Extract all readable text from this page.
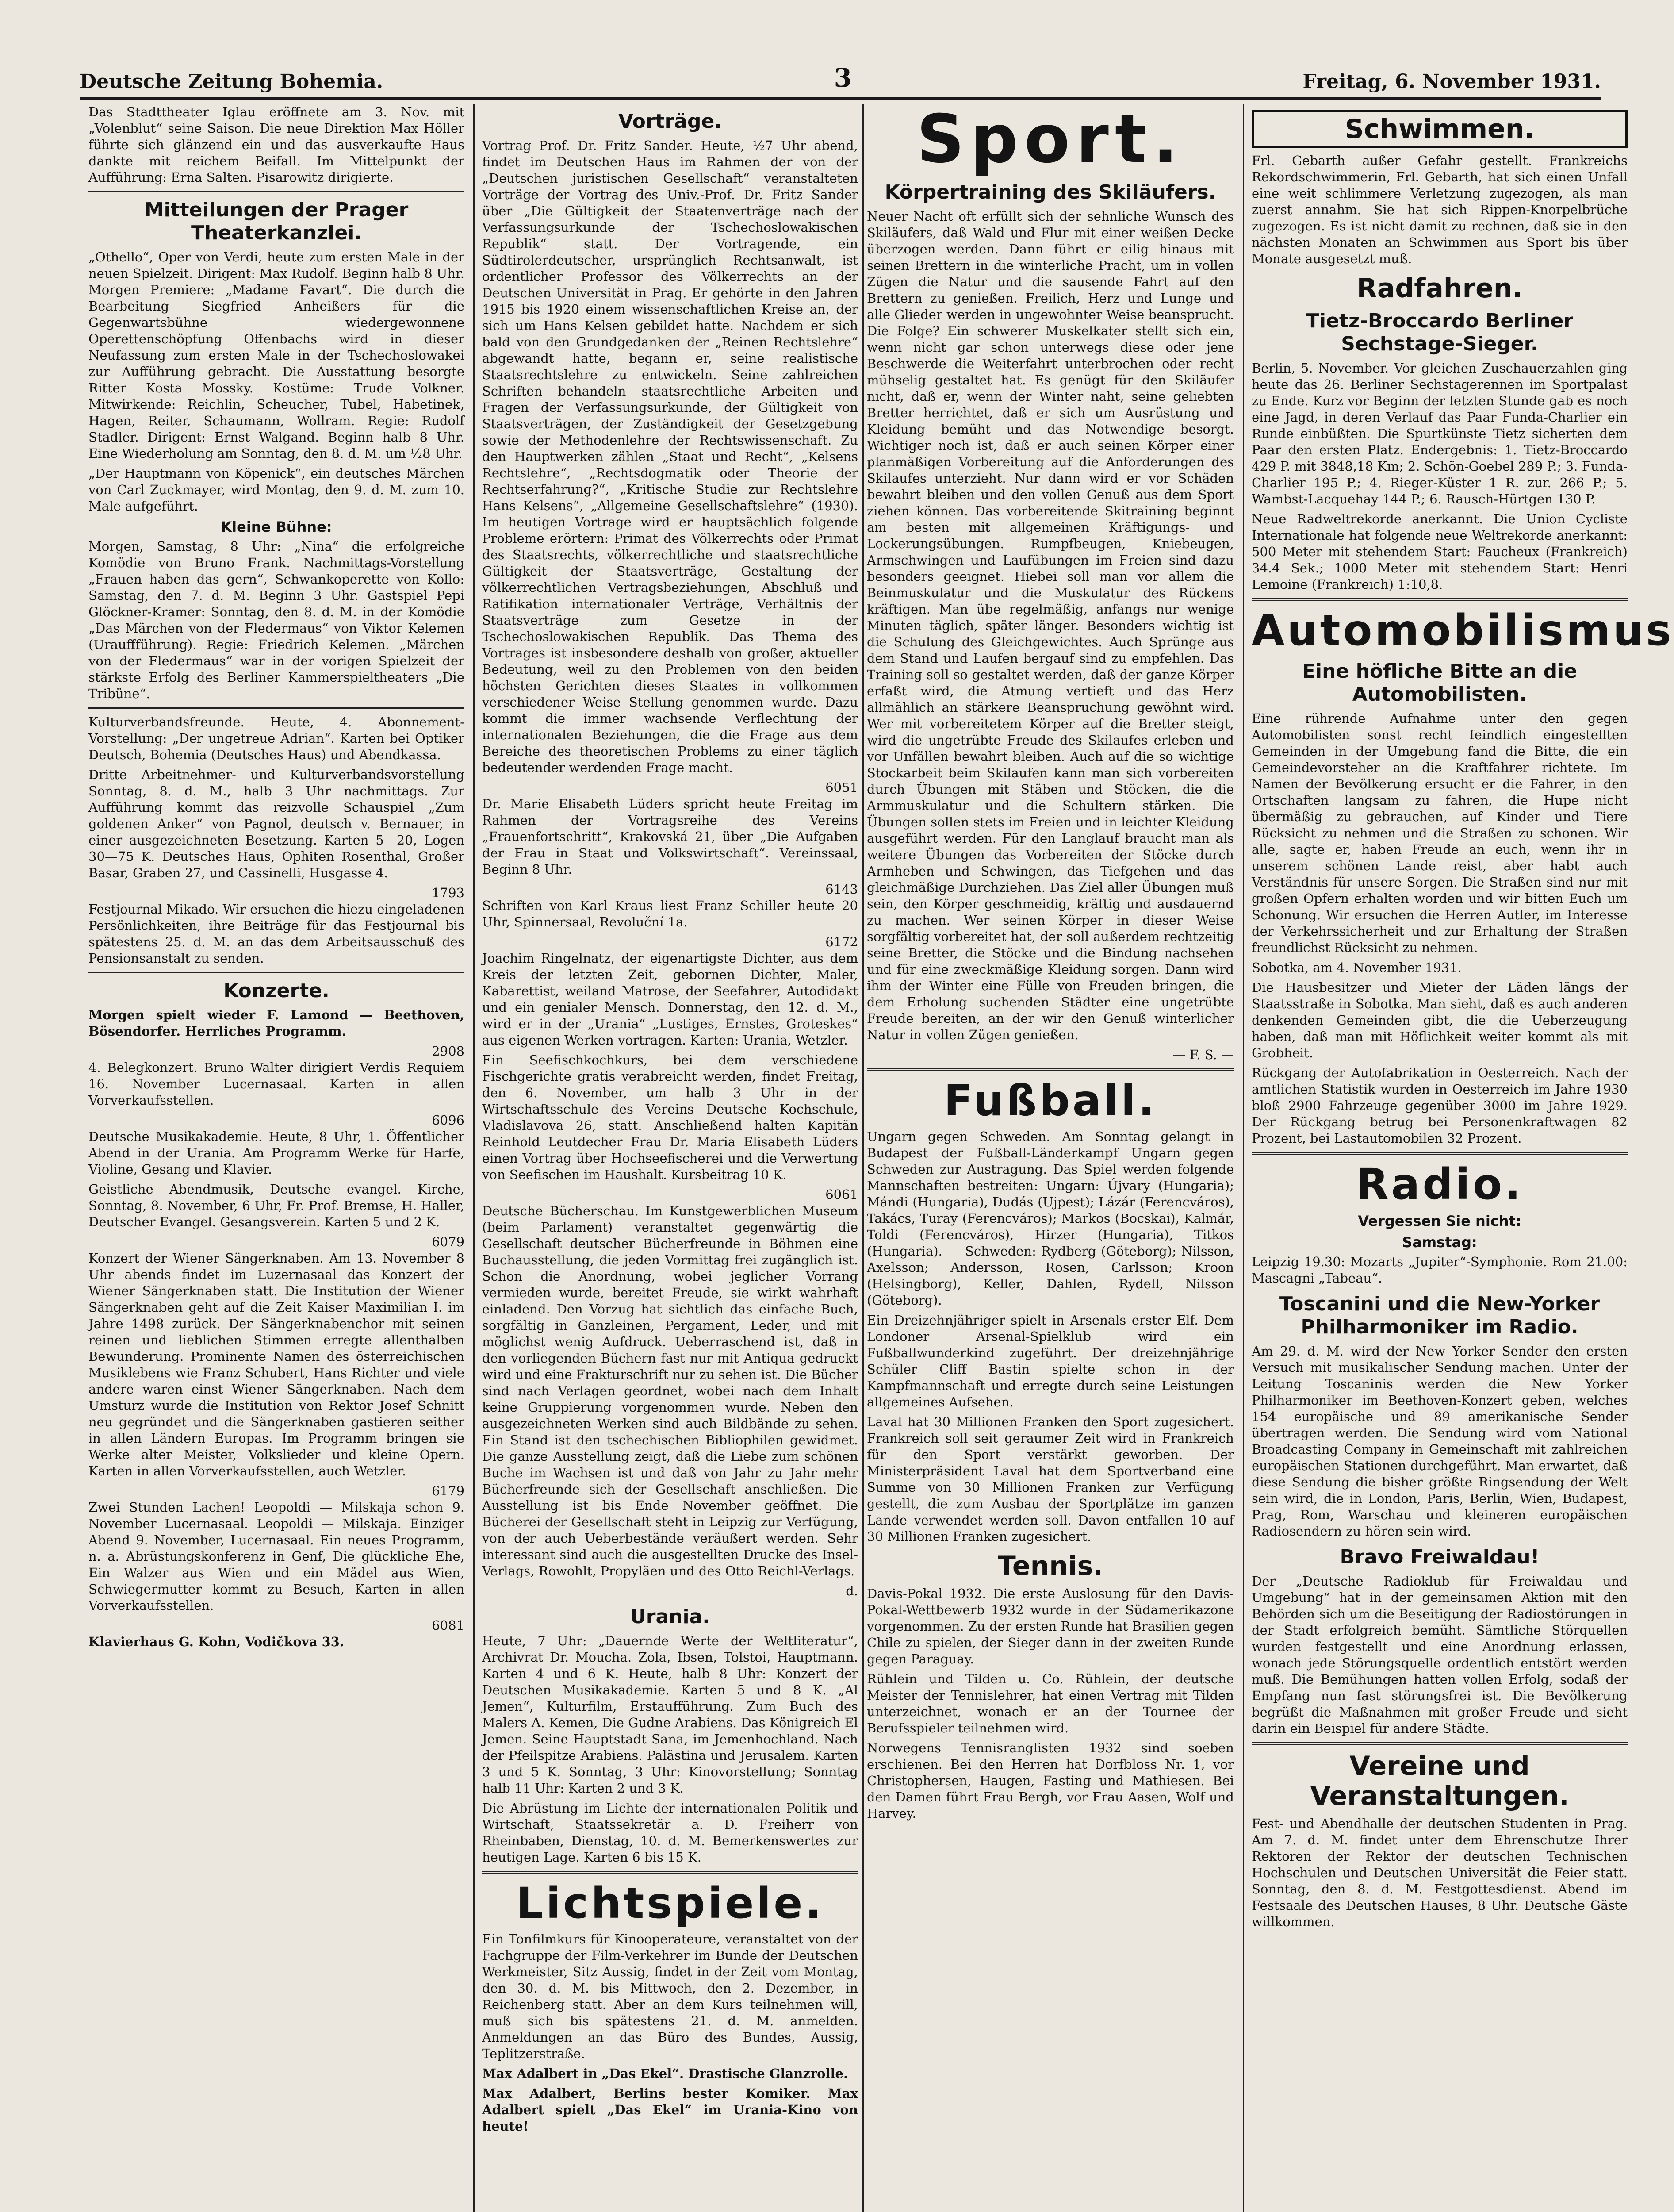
Deutsche Zeitung Bohemia.	3	Freitag, 6. November 1931.

Das Stadttheater Iglau eröffnete am 3. Nov. mit „Volenblut“ seine Saison. Die neue Direktion Max Höller führte sich glänzend ein und das ausverkaufte Haus dankte mit reichem Beifall. Im Mittelpunkt der Aufführung: Erna Salten. Pisarowitz dirigierte.

Mitteilungen der Prager Theaterkanzlei.

„Othello“, Oper von Verdi, heute zum ersten Male in der neuen Spielzeit. Dirigent: Max Rudolf. Beginn halb 8 Uhr. Morgen Premiere: „Madame Favart“. Die durch die Bearbeitung Siegfried Anheißers für die Gegenwartsbühne wiedergewonnene Operettenschöpfung Offenbachs wird in dieser Neufassung zum ersten Male in der Tschechoslowakei zur Aufführung gebracht. Die Ausstattung besorgte Ritter Kosta Mossky. Kostüme: Trude Volkner. Mitwirkende: Reichlin, Scheucher, Tubel, Habetinek, Hagen, Reiter, Schaumann, Wollram. Regie: Rudolf Stadler. Dirigent: Ernst Walgand. Beginn halb 8 Uhr. Eine Wiederholung am Sonntag, den 8. d. M. um ½8 Uhr.

„Der Hauptmann von Köpenick“, ein deutsches Märchen von Carl Zuckmayer, wird Montag, den 9. d. M. zum 10. Male aufgeführt.

Kleine Bühne:

Morgen, Samstag, 8 Uhr: „Nina“ die erfolgreiche Komödie von Bruno Frank. Nachmittags-Vorstellung „Frauen haben das gern“, Schwankoperette von Kollo: Samstag, den 7. d. M. Beginn 3 Uhr. Gastspiel Pepi Glöckner-Kramer: Sonntag, den 8. d. M. in der Komödie „Das Märchen von der Fledermaus“ von Viktor Kelemen (Urauffführung). Regie: Friedrich Kelemen. „Märchen von der Fledermaus“ war in der vorigen Spielzeit der stärkste Erfolg des Berliner Kammerspieltheaters „Die Tribüne“.

Kulturverbandsfreunde. Heute, 4. Abonnement-Vorstellung: „Der ungetreue Adrian“. Karten bei Optiker Deutsch, Bohemia (Deutsches Haus) und Abendkassa.

Dritte Arbeitnehmer- und Kulturverbandsvorstellung Sonntag, 8. d. M., halb 3 Uhr nachmittags. Zur Aufführung kommt das reizvolle Schauspiel „Zum goldenen Anker“ von Pagnol, deutsch v. Bernauer, in einer ausgezeichneten Besetzung. Karten 5—20, Logen 30—75 K. Deutsches Haus, Ophiten Rosenthal, Großer Basar, Graben 27, und Cassinelli, Husgasse 4.

1793

Festjournal Mikado. Wir ersuchen die hiezu eingeladenen Persönlichkeiten, ihre Beiträge für das Festjournal bis spätestens 25. d. M. an das dem Arbeitsausschuß des Pensionsanstalt zu senden.

Konzerte.

Morgen spielt wieder F. Lamond — Beethoven, Bösendorfer. Herrliches Programm.

2908

4. Belegkonzert. Bruno Walter dirigiert Verdis Requiem 16. November Lucernasaal. Karten in allen Vorverkaufsstellen.

6096

Deutsche Musikakademie. Heute, 8 Uhr, 1. Öffentlicher Abend in der Urania. Am Programm Werke für Harfe, Violine, Gesang und Klavier.

Geistliche Abendmusik, Deutsche evangel. Kirche, Sonntag, 8. November, 6 Uhr, Fr. Prof. Bremse, H. Haller, Deutscher Evangel. Gesangsverein. Karten 5 und 2 K.

6079

Konzert der Wiener Sängerknaben. Am 13. November 8 Uhr abends findet im Luzernasaal das Konzert der Wiener Sängerknaben statt. Die Institution der Wiener Sängerknaben geht auf die Zeit Kaiser Maximilian I. im Jahre 1498 zurück. Der Sängerknabenchor mit seinen reinen und lieblichen Stimmen erregte allenthalben Bewunderung. Prominente Namen des österreichischen Musiklebens wie Franz Schubert, Hans Richter und viele andere waren einst Wiener Sängerknaben. Nach dem Umsturz wurde die Institution von Rektor Josef Schnitt neu gegründet und die Sängerknaben gastieren seither in allen Ländern Europas. Im Programm bringen sie Werke alter Meister, Volkslieder und kleine Opern. Karten in allen Vorverkaufsstellen, auch Wetzler.

6179

Zwei Stunden Lachen! Leopoldi — Milskaja schon 9. November Lucernasaal. Leopoldi — Milskaja. Einziger Abend 9. November, Lucernasaal. Ein neues Programm, n. a. Abrüstungskonferenz in Genf, Die glückliche Ehe, Ein Walzer aus Wien und ein Mädel aus Wien, Schwiegermutter kommt zu Besuch, Karten in allen Vorverkaufsstellen.

6081

Klavierhaus G. Kohn, Vodičkova 33.

Vorträge.

Vortrag Prof. Dr. Fritz Sander. Heute, ½7 Uhr abend, findet im Deutschen Haus im Rahmen der von der „Deutschen juristischen Gesellschaft“ veranstalteten Vorträge der Vortrag des Univ.-Prof. Dr. Fritz Sander über „Die Gültigkeit der Staatenverträge nach der Verfassungsurkunde der Tschechoslowakischen Republik“ statt. Der Vortragende, ein Südtirolerdeutscher, ursprünglich Rechtsanwalt, ist ordentlicher Professor des Völkerrechts an der Deutschen Universität in Prag. Er gehörte in den Jahren 1915 bis 1920 einem wissenschaftlichen Kreise an, der sich um Hans Kelsen gebildet hatte. Nachdem er sich bald von den Grundgedanken der „Reinen Rechtslehre“ abgewandt hatte, begann er, seine realistische Staatsrechtslehre zu entwickeln. Seine zahlreichen Schriften behandeln staatsrechtliche Arbeiten und Fragen der Verfassungsurkunde, der Gültigkeit von Staatsverträgen, der Zuständigkeit der Gesetzgebung sowie der Methodenlehre der Rechtswissenschaft. Zu den Hauptwerken zählen „Staat und Recht“, „Kelsens Rechtslehre“, „Rechtsdogmatik oder Theorie der Rechtserfahrung?“, „Kritische Studie zur Rechtslehre Hans Kelsens“, „Allgemeine Gesellschaftslehre“ (1930). Im heutigen Vortrage wird er hauptsächlich folgende Probleme erörtern: Primat des Völkerrechts oder Primat des Staatsrechts, völkerrechtliche und staatsrechtliche Gültigkeit der Staatsverträge, Gestaltung der völkerrechtlichen Vertragsbeziehungen, Abschluß und Ratifikation internationaler Verträge, Verhältnis der Staatsverträge zum Gesetze in der Tschechoslowakischen Republik. Das Thema des Vortrages ist insbesondere deshalb von großer, aktueller Bedeutung, weil zu den Problemen von den beiden höchsten Gerichten dieses Staates in vollkommen verschiedener Weise Stellung genommen wurde. Dazu kommt die immer wachsende Verflechtung der internationalen Beziehungen, die die Frage aus dem Bereiche des theoretischen Problems zu einer täglich bedeutender werdenden Frage macht.

6051

Dr. Marie Elisabeth Lüders spricht heute Freitag im Rahmen der Vortragsreihe des Vereins „Frauenfortschritt“, Krakovská 21, über „Die Aufgaben der Frau in Staat und Volkswirtschaft“. Vereinssaal, Beginn 8 Uhr.

6143

Schriften von Karl Kraus liest Franz Schiller heute 20 Uhr, Spinnersaal, Revoluční 1a.

6172

Joachim Ringelnatz, der eigenartigste Dichter, aus dem Kreis der letzten Zeit, gebornen Dichter, Maler, Kabarettist, weiland Matrose, der Seefahrer, Autodidakt und ein genialer Mensch. Donnerstag, den 12. d. M., wird er in der „Urania“ „Lustiges, Ernstes, Groteskes“ aus eigenen Werken vortragen. Karten: Urania, Wetzler.

Ein Seefischkochkurs, bei dem verschiedene Fischgerichte gratis verabreicht werden, findet Freitag, den 6. November, um halb 3 Uhr in der Wirtschaftsschule des Vereins Deutsche Kochschule, Vladislavova 26, statt. Anschließend halten Kapitän Reinhold Leutdecher Frau Dr. Maria Elisabeth Lüders einen Vortrag über Hochseefischerei und die Verwertung von Seefischen im Haushalt. Kursbeitrag 10 K.

6061

Deutsche Bücherschau. Im Kunstgewerblichen Museum (beim Parlament) veranstaltet gegenwärtig die Gesellschaft deutscher Bücherfreunde in Böhmen eine Buchausstellung, die jeden Vormittag frei zugänglich ist. Schon die Anordnung, wobei jeglicher Vorrang vermieden wurde, bereitet Freude, sie wirkt wahrhaft einladend. Den Vorzug hat sichtlich das einfache Buch, sorgfältig in Ganzleinen, Pergament, Leder, und mit möglichst wenig Aufdruck. Ueberraschend ist, daß in den vorliegenden Büchern fast nur mit Antiqua gedruckt wird und eine Frakturschrift nur zu sehen ist. Die Bücher sind nach Verlagen geordnet, wobei nach dem Inhalt keine Gruppierung vorgenommen wurde. Neben den ausgezeichneten Werken sind auch Bildbände zu sehen. Ein Stand ist den tschechischen Bibliophilen gewidmet. Die ganze Ausstellung zeigt, daß die Liebe zum schönen Buche im Wachsen ist und daß von Jahr zu Jahr mehr Bücherfreunde sich der Gesellschaft anschließen. Die Ausstellung ist bis Ende November geöffnet. Die Bücherei der Gesellschaft steht in Leipzig zur Verfügung, von der auch Ueberbestände veräußert werden. Sehr interessant sind auch die ausgestellten Drucke des Insel-Verlags, Rowohlt, Propyläen und des Otto Reichl-Verlags.

d.
Urania.

Heute, 7 Uhr: „Dauernde Werte der Weltliteratur“, Archivrat Dr. Moucha. Zola, Ibsen, Tolstoi, Hauptmann. Karten 4 und 6 K. Heute, halb 8 Uhr: Konzert der Deutschen Musikakademie. Karten 5 und 8 K. „Al Jemen“, Kulturfilm, Erstaufführung. Zum Buch des Malers A. Kemen, Die Gudne Arabiens. Das Königreich El Jemen. Seine Hauptstadt Sana, im Jemenhochland. Nach der Pfeilspitze Arabiens. Palästina und Jerusalem. Karten 3 und 5 K. Sonntag, 3 Uhr: Kinovorstellung; Sonntag halb 11 Uhr: Karten 2 und 3 K.

Die Abrüstung im Lichte der internationalen Politik und Wirtschaft, Staatssekretär a. D. Freiherr von Rheinbaben, Dienstag, 10. d. M. Bemerkenswertes zur heutigen Lage. Karten 6 bis 15 K.

Lichtspiele.

Ein Tonfilmkurs für Kinooperateure, veranstaltet von der Fachgruppe der Film-Verkehrer im Bunde der Deutschen Werkmeister, Sitz Aussig, findet in der Zeit vom Montag, den 30. d. M. bis Mittwoch, den 2. Dezember, in Reichenberg statt. Aber an dem Kurs teilnehmen will, muß sich bis spätestens 21. d. M. anmelden. Anmeldungen an das Büro des Bundes, Aussig, Teplitzerstraße.

Max Adalbert in „Das Ekel“. Drastische Glanzrolle.

Max Adalbert, Berlins bester Komiker. Max Adalbert spielt „Das Ekel“ im Urania-Kino von heute!

Sport.
Körpertraining des Skiläufers.

Neuer Nacht oft erfüllt sich der sehnliche Wunsch des Skiläufers, daß Wald und Flur mit einer weißen Decke überzogen werden. Dann führt er eilig hinaus mit seinen Brettern in die winterliche Pracht, um in vollen Zügen die Natur und die sausende Fahrt auf den Brettern zu genießen. Freilich, Herz und Lunge und alle Glieder werden in ungewohnter Weise beansprucht. Die Folge? Ein schwerer Muskelkater stellt sich ein, wenn nicht gar schon unterwegs diese oder jene Beschwerde die Weiterfahrt unterbrochen oder recht mühselig gestaltet hat. Es genügt für den Skiläufer nicht, daß er, wenn der Winter naht, seine geliebten Bretter herrichtet, daß er sich um Ausrüstung und Kleidung bemüht und das Notwendige besorgt. Wichtiger noch ist, daß er auch seinen Körper einer planmäßigen Vorbereitung auf die Anforderungen des Skilaufes unterzieht. Nur dann wird er vor Schäden bewahrt bleiben und den vollen Genuß aus dem Sport ziehen können. Das vorbereitende Skitraining beginnt am besten mit allgemeinen Kräftigungs- und Lockerungsübungen. Rumpfbeugen, Kniebeugen, Armschwingen und Laufübungen im Freien sind dazu besonders geeignet. Hiebei soll man vor allem die Beinmuskulatur und die Muskulatur des Rückens kräftigen. Man übe regelmäßig, anfangs nur wenige Minuten täglich, später länger. Besonders wichtig ist die Schulung des Gleichgewichtes. Auch Sprünge aus dem Stand und Laufen bergauf sind zu empfehlen. Das Training soll so gestaltet werden, daß der ganze Körper erfaßt wird, die Atmung vertieft und das Herz allmählich an stärkere Beanspruchung gewöhnt wird. Wer mit vorbereitetem Körper auf die Bretter steigt, wird die ungetrübte Freude des Skilaufes erleben und vor Unfällen bewahrt bleiben. Auch auf die so wichtige Stockarbeit beim Skilaufen kann man sich vorbereiten durch Übungen mit Stäben und Stöcken, die die Armmuskulatur und die Schultern stärken. Die Übungen sollen stets im Freien und in leichter Kleidung ausgeführt werden. Für den Langlauf braucht man als weitere Übungen das Vorbereiten der Stöcke durch Armheben und Schwingen, das Tiefgehen und das gleichmäßige Durchziehen. Das Ziel aller Übungen muß sein, den Körper geschmeidig, kräftig und ausdauernd zu machen. Wer seinen Körper in dieser Weise sorgfältig vorbereitet hat, der soll außerdem rechtzeitig seine Bretter, die Stöcke und die Bindung nachsehen und für eine zweckmäßige Kleidung sorgen. Dann wird ihm der Winter eine Fülle von Freuden bringen, die dem Erholung suchenden Städter eine ungetrübte Freude bereiten, an der wir den Genuß winterlicher Natur in vollen Zügen genießen.

— F. S. —
Fußball.

Ungarn gegen Schweden. Am Sonntag gelangt in Budapest der Fußball-Länderkampf Ungarn gegen Schweden zur Austragung. Das Spiel werden folgende Mannschaften bestreiten: Ungarn: Újvary (Hungaria); Mándi (Hungaria), Dudás (Ujpest); Lázár (Ferencváros), Takács, Turay (Ferencváros); Markos (Bocskai), Kalmár, Toldi (Ferencváros), Hirzer (Hungaria), Titkos (Hungaria). — Schweden: Rydberg (Göteborg); Nilsson, Axelsson; Andersson, Rosen, Carlsson; Kroon (Helsingborg), Keller, Dahlen, Rydell, Nilsson (Göteborg).

Ein Dreizehnjähriger spielt in Arsenals erster Elf. Dem Londoner Arsenal-Spielklub wird ein Fußballwunderkind zugeführt. Der dreizehnjährige Schüler Cliff Bastin spielte schon in der Kampfmannschaft und erregte durch seine Leistungen allgemeines Aufsehen.

Laval hat 30 Millionen Franken den Sport zugesichert. Frankreich soll seit geraumer Zeit wird in Frankreich für den Sport verstärkt geworben. Der Ministerpräsident Laval hat dem Sportverband eine Summe von 30 Millionen Franken zur Verfügung gestellt, die zum Ausbau der Sportplätze im ganzen Lande verwendet werden soll. Davon entfallen 10 auf 30 Millionen Franken zugesichert.

Tennis.

Davis-Pokal 1932. Die erste Auslosung für den Davis-Pokal-Wettbewerb 1932 wurde in der Südamerikazone vorgenommen. Zu der ersten Runde hat Brasilien gegen Chile zu spielen, der Sieger dann in der zweiten Runde gegen Paraguay.

Rühlein und Tilden u. Co. Rühlein, der deutsche Meister der Tennislehrer, hat einen Vertrag mit Tilden unterzeichnet, wonach er an der Tournee der Berufsspieler teilnehmen wird.

Norwegens Tennisranglisten 1932 sind soeben erschienen. Bei den Herren hat Dorfbloss Nr. 1, vor Christophersen, Haugen, Fasting und Mathiesen. Bei den Damen führt Frau Bergh, vor Frau Aasen, Wolf und Harvey.

Schwimmen.

Frl. Gebarth außer Gefahr gestellt. Frankreichs Rekordschwimmerin, Frl. Gebarth, hat sich einen Unfall eine weit schlimmere Verletzung zugezogen, als man zuerst annahm. Sie hat sich Rippen-Knorpelbrüche zugezogen. Es ist nicht damit zu rechnen, daß sie in den nächsten Monaten an Schwimmen aus Sport bis über Monate ausgesetzt muß.

Radfahren.
Tietz-Broccardo Berliner Sechstage-Sieger.

Berlin, 5. November. Vor gleichen Zuschauerzahlen ging heute das 26. Berliner Sechstagerennen im Sportpalast zu Ende. Kurz vor Beginn der letzten Stunde gab es noch eine Jagd, in deren Verlauf das Paar Funda-Charlier ein Runde einbüßten. Die Spurtkünste Tietz sicherten dem Paar den ersten Platz. Endergebnis: 1. Tietz-Broccardo 429 P. mit 3848,18 Km; 2. Schön-Goebel 289 P.; 3. Funda-Charlier 195 P.; 4. Rieger-Küster 1 R. zur. 266 P.; 5. Wambst-Lacquehay 144 P.; 6. Rausch-Hürtgen 130 P.

Neue Radweltrekorde anerkannt. Die Union Cycliste Internationale hat folgende neue Weltrekorde anerkannt: 500 Meter mit stehendem Start: Faucheux (Frankreich) 34.4 Sek.; 1000 Meter mit stehendem Start: Henri Lemoine (Frankreich) 1:10,8.

Automobilismus
Eine höfliche Bitte an die Automobilisten.

Eine rührende Aufnahme unter den gegen Automobilisten sonst recht feindlich eingestellten Gemeinden in der Umgebung fand die Bitte, die ein Gemeindevorsteher an die Kraftfahrer richtete. Im Namen der Bevölkerung ersucht er die Fahrer, in den Ortschaften langsam zu fahren, die Hupe nicht übermäßig zu gebrauchen, auf Kinder und Tiere Rücksicht zu nehmen und die Straßen zu schonen. Wir alle, sagte er, haben Freude an euch, wenn ihr in unserem schönen Lande reist, aber habt auch Verständnis für unsere Sorgen. Die Straßen sind nur mit großen Opfern erhalten worden und wir bitten Euch um Schonung. Wir ersuchen die Herren Autler, im Interesse der Verkehrssicherheit und zur Erhaltung der Straßen freundlichst Rücksicht zu nehmen.

Sobotka, am 4. November 1931.

Die Hausbesitzer und Mieter der Läden längs der Staatsstraße in Sobotka. Man sieht, daß es auch anderen denkenden Gemeinden gibt, die die Ueberzeugung haben, daß man mit Höflichkeit weiter kommt als mit Grobheit.

Rückgang der Autofabrikation in Oesterreich. Nach der amtlichen Statistik wurden in Oesterreich im Jahre 1930 bloß 2900 Fahrzeuge gegenüber 3000 im Jahre 1929. Der Rückgang betrug bei Personenkraftwagen 82 Prozent, bei Lastautomobilen 32 Prozent.

Radio.
Vergessen Sie nicht:
Samstag:

Leipzig 19.30: Mozarts „Jupiter“-Symphonie. Rom 21.00: Mascagni „Tabeau“.

Toscanini und die New-Yorker Philharmoniker im Radio.

Am 29. d. M. wird der New Yorker Sender den ersten Versuch mit musikalischer Sendung machen. Unter der Leitung Toscaninis werden die New Yorker Philharmoniker im Beethoven-Konzert geben, welches 154 europäische und 89 amerikanische Sender übertragen werden. Die Sendung wird vom National Broadcasting Company in Gemeinschaft mit zahlreichen europäischen Stationen durchgeführt. Man erwartet, daß diese Sendung die bisher größte Ringsendung der Welt sein wird, die in London, Paris, Berlin, Wien, Budapest, Prag, Rom, Warschau und kleineren europäischen Radiosendern zu hören sein wird.

Bravo Freiwaldau!

Der „Deutsche Radioklub für Freiwaldau und Umgebung“ hat in der gemeinsamen Aktion mit den Behörden sich um die Beseitigung der Radiostörungen in der Stadt erfolgreich bemüht. Sämtliche Störquellen wurden festgestellt und eine Anordnung erlassen, wonach jede Störungsquelle ordentlich entstört werden muß. Die Bemühungen hatten vollen Erfolg, sodaß der Empfang nun fast störungsfrei ist. Die Bevölkerung begrüßt die Maßnahmen mit großer Freude und sieht darin ein Beispiel für andere Städte.

Vereine und Veranstaltungen.

Fest- und Abendhalle der deutschen Studenten in Prag. Am 7. d. M. findet unter dem Ehrenschutze Ihrer Rektoren der Rektor der deutschen Technischen Hochschulen und Deutschen Universität die Feier statt. Sonntag, den 8. d. M. Festgottesdienst. Abend im Festsaale des Deutschen Hauses, 8 Uhr. Deutsche Gäste willkommen.
